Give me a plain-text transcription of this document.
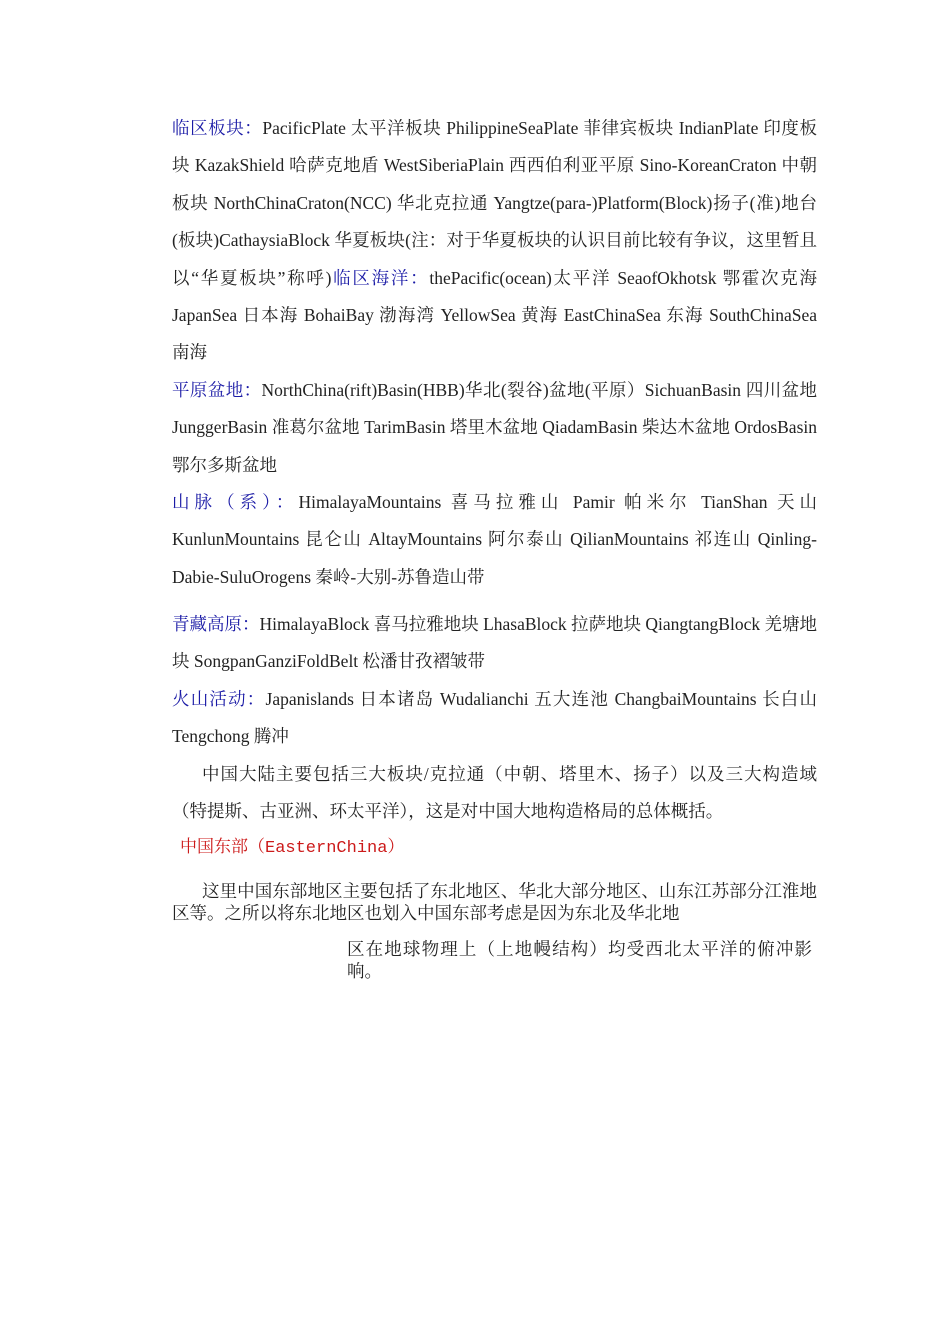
临区板块：PacificPlate 太平洋板块 PhilippineSeaPlate 菲律宾板块 IndianPlate 印度板块 KazakShield 哈萨克地盾 WestSiberiaPlain 西西伯利亚平原 Sino-KoreanCraton 中朝板块 NorthChinaCraton(NCC) 华北克拉通 Yangtze(para-)Platform(Block)扬子(准)地台(板块)CathaysiaBlock 华夏板块(注：对于华夏板块的认识目前比较有争议，这里暂且以“华夏板块”称呼)临区海洋：thePacific(ocean)太平洋 SeaofOkhotsk 鄂霍次克海 JapanSea 日本海 BohaiBay 渤海湾 YellowSea 黄海 EastChinaSea 东海 SouthChinaSea 南海
平原盆地：NorthChina(rift)Basin(HBB)华北(裂谷)盆地(平原）SichuanBasin 四川盆地 JunggerBasin 准葛尔盆地 TarimBasin 塔里木盆地 QiadamBasin 柴达木盆地 OrdosBasin 鄂尔多斯盆地
山脉（系）：HimalayaMountains 喜马拉雅山 Pamir 帕米尔 TianShan 天山 KunlunMountains 昆仑山 AltayMountains 阿尔泰山 QilianMountains 祁连山 Qinling-Dabie-SuluOrogens 秦岭-大别-苏鲁造山带
青藏高原：HimalayaBlock 喜马拉雅地块 LhasaBlock 拉萨地块 QiangtangBlock 羌塘地块 SongpanGanziFoldBelt 松潘甘孜褶皱带
火山活动：Japanislands 日本诸岛 Wudalianchi 五大连池 ChangbaiMountains 长白山 Tengchong 腾冲
中国大陆主要包括三大板块/克拉通（中朝、塔里木、扬子）以及三大构造域（特提斯、古亚洲、环太平洋），这是对中国大地构造格局的总体概括。
中国东部（EasternChina）
这里中国东部地区主要包括了东北地区、华北大部分地区、山东江苏部分江淮地区等。之所以将东北地区也划入中国东部考虑是因为东北及华北地
区在地球物理上（上地幔结构）均受西北太平洋的俯冲影响。
